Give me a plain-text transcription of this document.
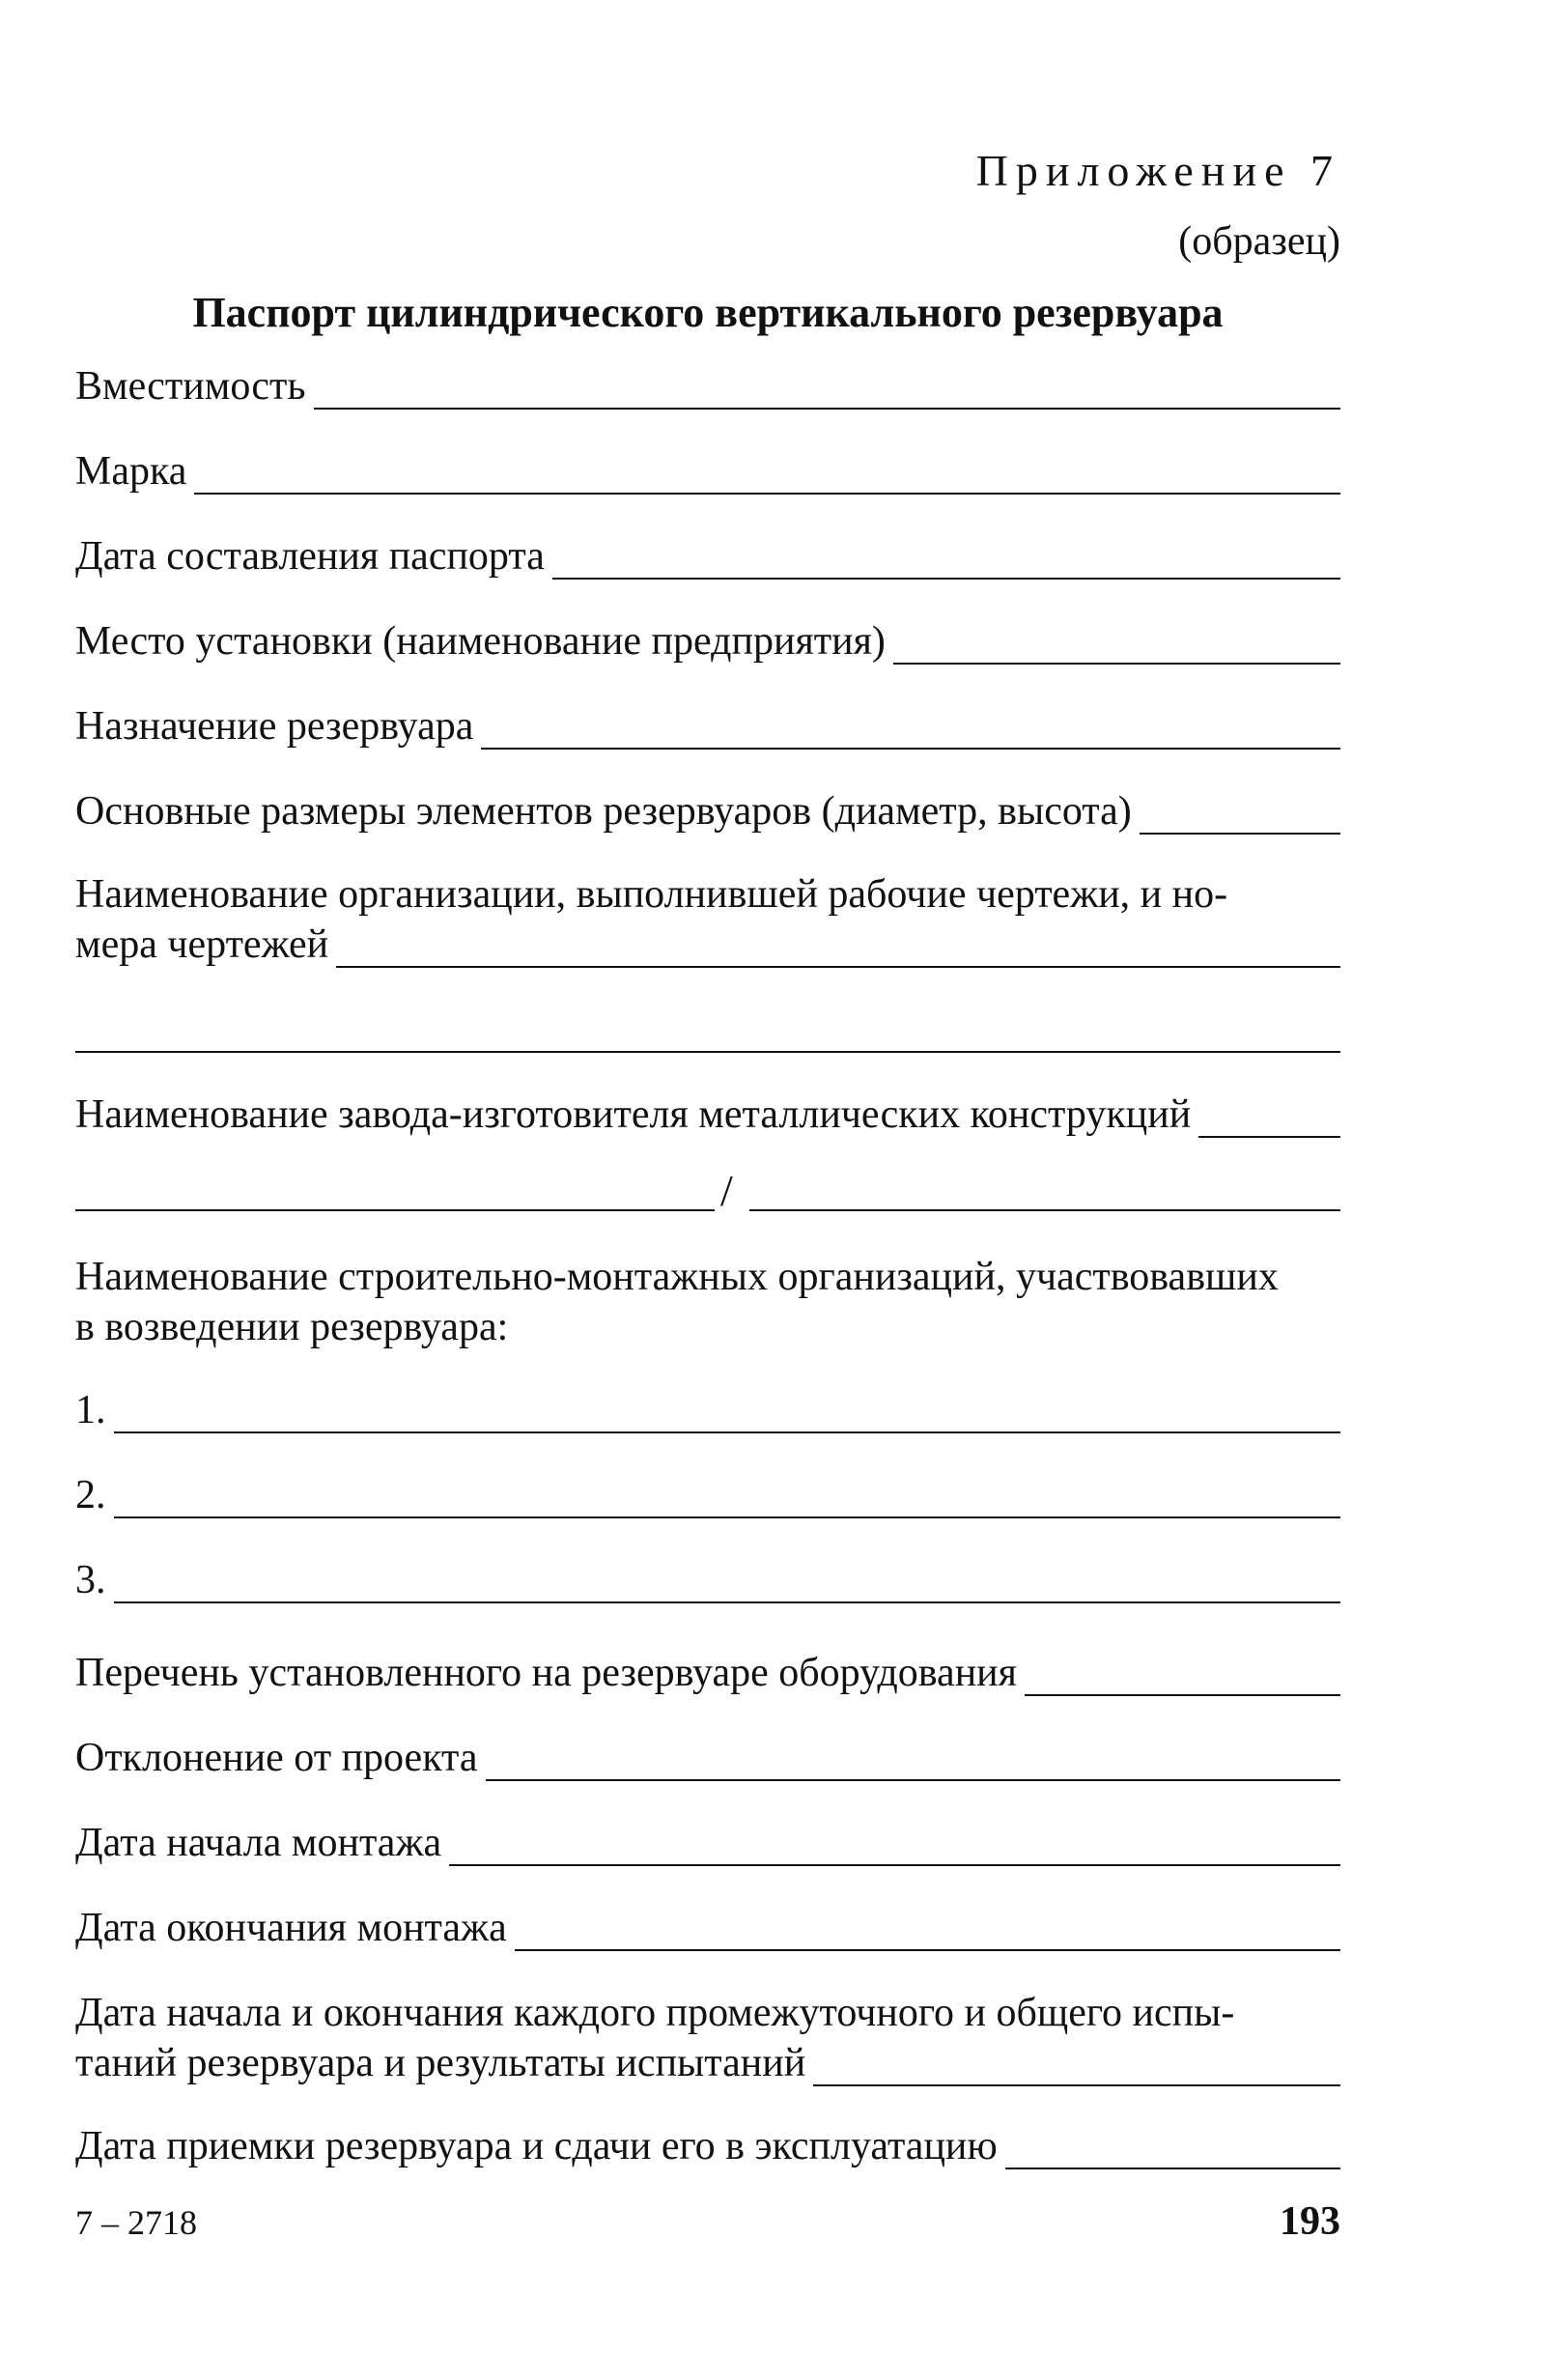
Приложение 7
(образец)
Паспорт цилиндрического вертикального резервуара
Вместимость
Марка
Дата составления паспорта
Место установки (наименование предприятия)
Назначение резервуара
Основные размеры элементов резервуаров (диаметр, высота)
Наименование организации, выполнившей рабочие чертежи, и но-
мера чертежей
Наименование завода-изготовителя металлических конструкций
/
Наименование строительно-монтажных организаций, участвовавших
в возведении резервуара:
1.
2.
3.
Перечень установленного на резервуаре оборудования
Отклонение от проекта
Дата начала монтажа
Дата окончания монтажа
Дата начала и окончания каждого промежуточного и общего испы-
таний резервуара и результаты испытаний
Дата приемки резервуара и сдачи его в эксплуатацию
7 – 2718	193
